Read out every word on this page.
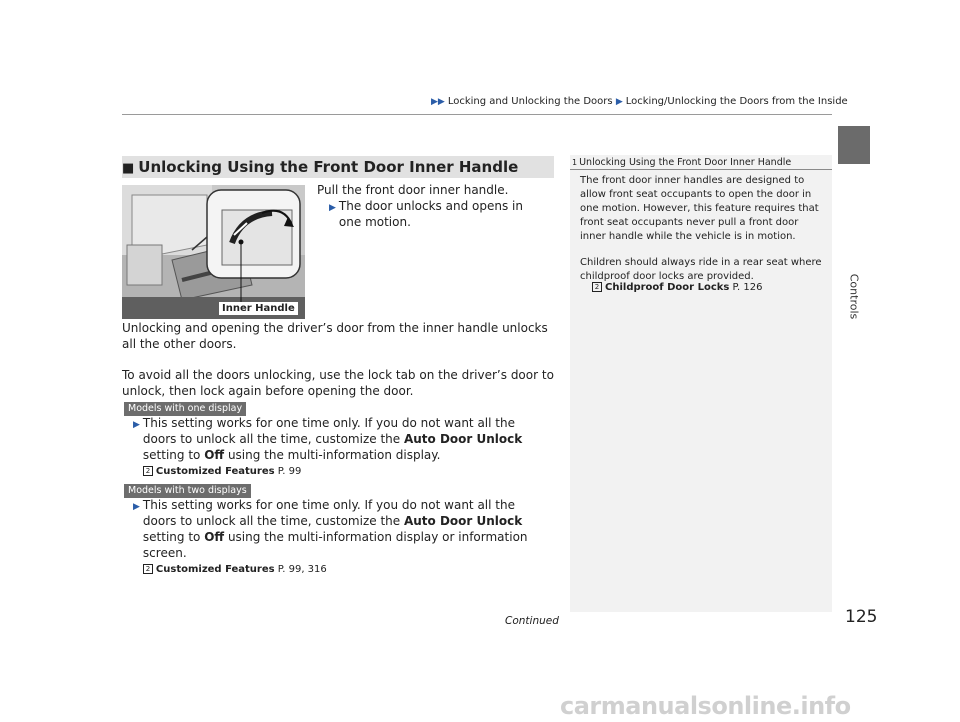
▶▶ Locking and Unlocking the Doors ▶ Locking/Unlocking the Doors from the Inside
■ Unlocking Using the Front Door Inner Handle
Inner Handle
Pull the front door inner handle.
▶ The door unlocks and opens in one motion.
Unlocking and opening the driver’s door from the inner handle unlocks all the other doors.
To avoid all the doors unlocking, use the lock tab on the driver’s door to unlock, then lock again before opening the door.
Models with one display
▶ This setting works for one time only. If you do not want all the doors to unlock all the time, customize the Auto Door Unlock setting to Off using the multi-information display.
2 Customized Features P. 99
Models with two displays
▶ This setting works for one time only. If you do not want all the doors to unlock all the time, customize the Auto Door Unlock setting to Off using the multi-information display or information screen.
2 Customized Features P. 99, 316
1 Unlocking Using the Front Door Inner Handle

The front door inner handles are designed to allow front seat occupants to open the door in one motion. However, this feature requires that front seat occupants never pull a front door inner handle while the vehicle is in motion.

Children should always ride in a rear seat where childproof door locks are provided.

2 Childproof Door Locks P. 126	Controls
Continued	125
carmanualsonline.info
